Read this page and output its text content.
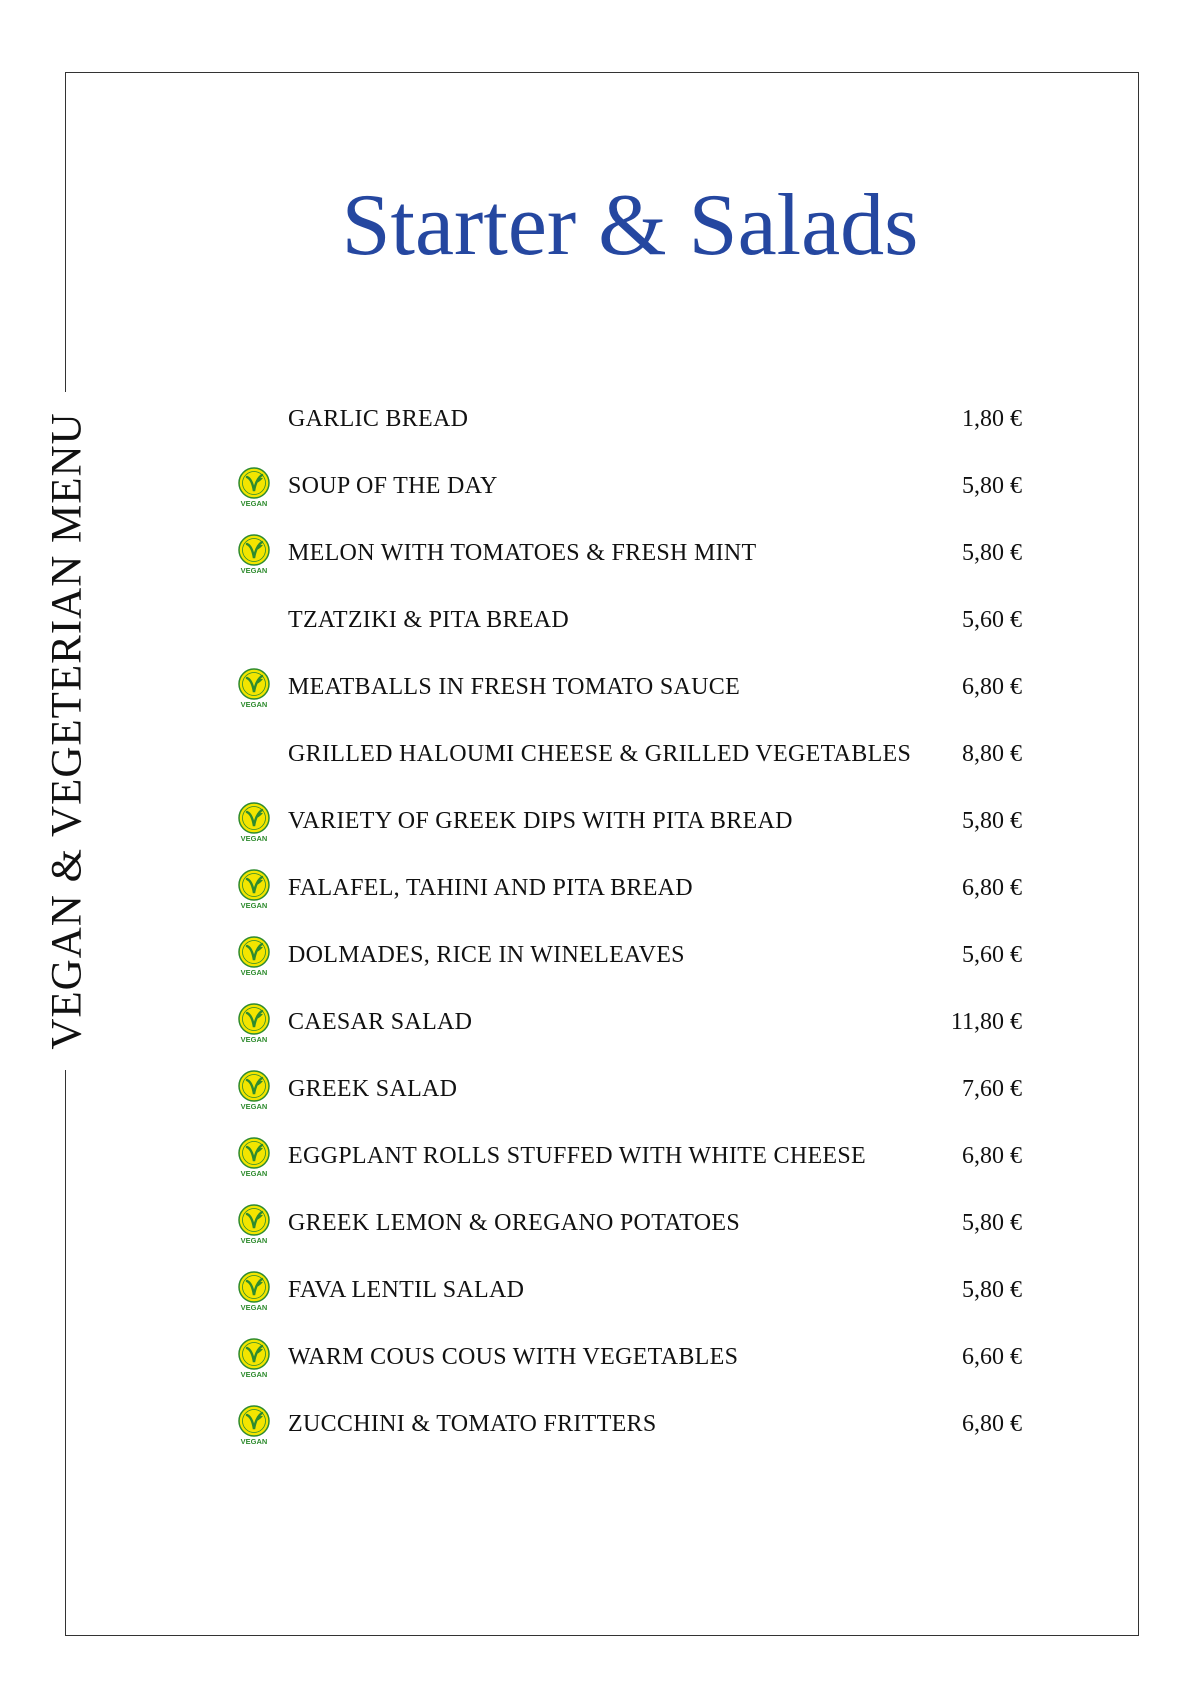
VEGAN & VEGETERIAN MENU
Starter & Salads
GARLIC BREAD	1,80 €
VEGAN
SOUP OF THE DAY	5,80 €
VEGAN
MELON WITH TOMATOES & FRESH MINT	5,80 €
TZATZIKI & PITA BREAD	5,60 €
VEGAN
MEATBALLS IN FRESH TOMATO SAUCE	6,80 €
GRILLED HALOUMI CHEESE & GRILLED VEGETABLES 8,80 €
VEGAN
VARIETY OF GREEK DIPS WITH PITA BREAD	5,80 €
VEGAN
FALAFEL, TAHINI AND PITA BREAD	6,80 €
VEGAN
DOLMADES, RICE IN WINELEAVES	5,60 €
VEGAN
CAESAR SALAD	11,80 €
VEGAN
GREEK SALAD	7,60 €
VEGAN
EGGPLANT ROLLS STUFFED WITH WHITE CHEESE	6,80 €
VEGAN
GREEK LEMON & OREGANO POTATOES	5,80 €
VEGAN
FAVA LENTIL SALAD	5,80 €
VEGAN
WARM COUS COUS WITH VEGETABLES	6,60 €
VEGAN
ZUCCHINI & TOMATO FRITTERS	6,80 €
